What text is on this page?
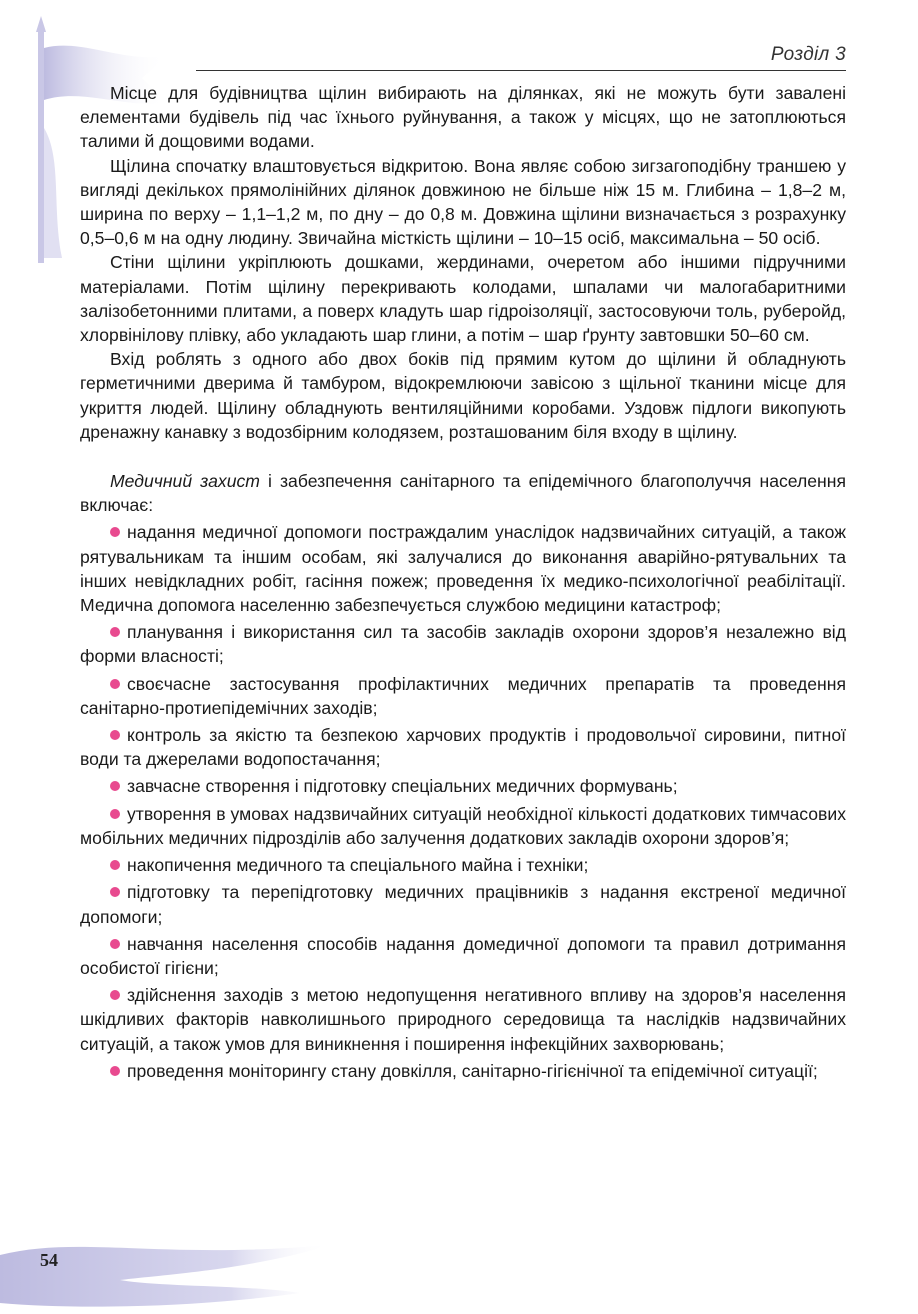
Розділ 3

Місце для будівництва щілин вибирають на ділянках, які не можуть бути завалені елементами будівель під час їхнього руйнування, а також у місцях, що не затоплюються талими й дощовими водами.

Щілина спочатку влаштовується відкритою. Вона являє собою зигзагоподібну траншею у вигляді декількох прямолінійних ділянок довжиною не більше ніж 15 м. Глибина – 1,8–2 м, ширина по верху – 1,1–1,2 м, по дну – до 0,8 м. Довжина щілини визначається з розрахунку 0,5–0,6 м на одну людину. Звичайна місткість щілини – 10–15 осіб, максимальна – 50 осіб.

Стіни щілини укріплюють дошками, жердинами, очеретом або іншими підручними матеріалами. Потім щілину перекривають колодами, шпалами чи малогабаритними залізобетонними плитами, а поверх кладуть шар гідроізоляції, застосовуючи толь, руберойд, хлорвінілову плівку, або укладають шар глини, а потім – шар ґрунту завтовшки 50–60 см.

Вхід роблять з одного або двох боків під прямим кутом до щілини й обладнують герметичними дверима й тамбуром, відокремлюючи завісою з щільної тканини місце для укриття людей. Щілину обладнують вентиляційними коробами. Уздовж підлоги викопують дренажну канавку з водозбірним колодязем, розташованим біля входу в щілину.

Медичний захист і забезпечення санітарного та епідемічного благополуччя населення включає:

надання медичної допомоги постраждалим унаслідок надзвичайних ситуацій, а також рятувальникам та іншим особам, які залучалися до виконання аварійно-рятувальних та інших невідкладних робіт, гасіння пожеж; проведення їх медико-психологічної реабілітації. Медична допомога населенню забезпечується службою медицини катастроф;

планування і використання сил та засобів закладів охорони здоров’я незалежно від форми власності;

своєчасне застосування профілактичних медичних препаратів та проведення санітарно-протиепідемічних заходів;

контроль за якістю та безпекою харчових продуктів і продовольчої сировини, питної води та джерелами водопостачання;

завчасне створення і підготовку спеціальних медичних формувань;

утворення в умовах надзвичайних ситуацій необхідної кількості додаткових тимчасових мобільних медичних підрозділів або залучення додаткових закладів охорони здоров’я;

накопичення медичного та спеціального майна і техніки;

підготовку та перепідготовку медичних працівників з надання екстреної медичної допомоги;

навчання населення способів надання домедичної допомоги та правил дотримання особистої гігієни;

здійснення заходів з метою недопущення негативного впливу на здоров’я населення шкідливих факторів навколишнього природного середовища та наслідків надзвичайних ситуацій, а також умов для виникнення і поширення інфекційних захворювань;

проведення моніторингу стану довкілля, санітарно-гігієнічної та епідемічної ситуації;

54
